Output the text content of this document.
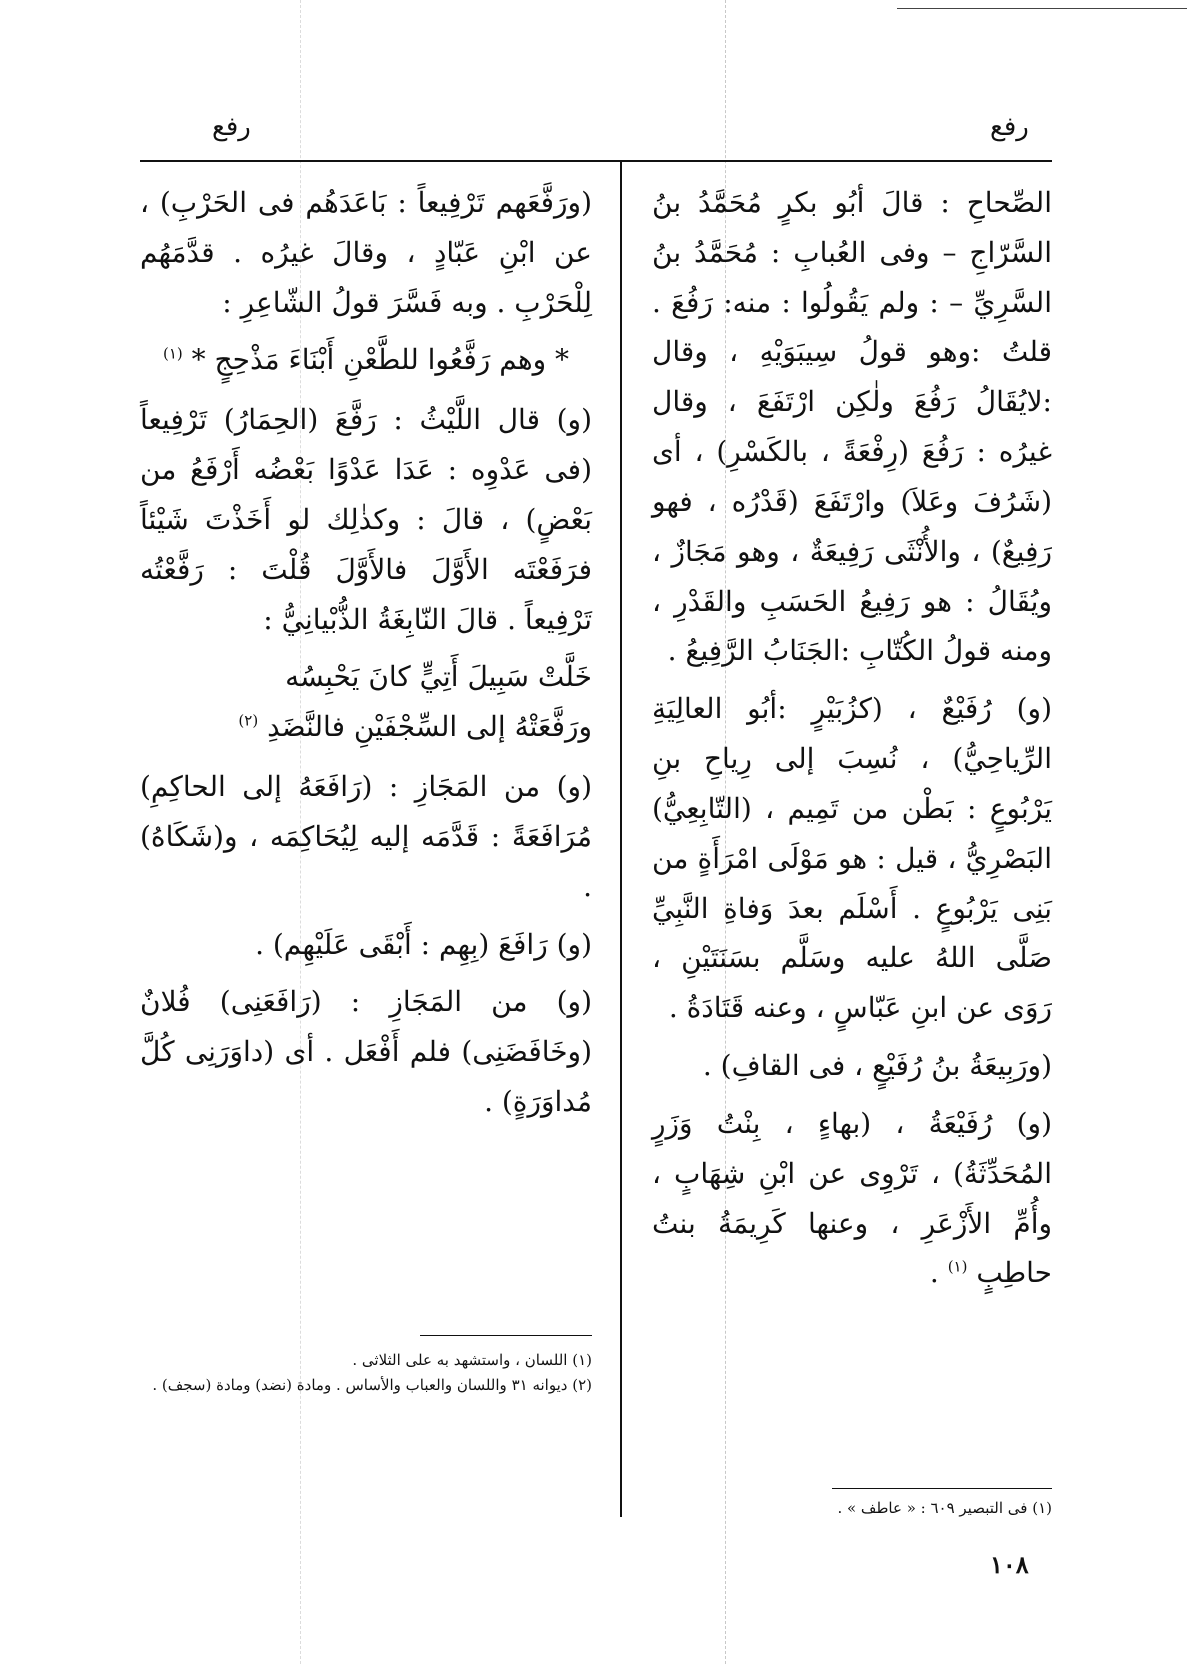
رفع
رفع

الصِّحاحِ : قالَ أبُو بكرٍ مُحَمَّدُ بنُ السَّرّاجِ – وفى العُبابِ : مُحَمَّدُ بنُ السَّرِيِّ – : ولم يَقُولُوا : منه: رَفُعَ . قلتُ :وهو قولُ سِيبَوَيْهِ ، وقال :لايُقَالُ رَفُعَ ولٰكِن ارْتَفَعَ ، وقال غيرُه : رَفُعَ (رِفْعَةً ، بالكَسْرِ) ، أى (شَرُفَ وعَلاَ) وارْتَفَعَ (قَدْرُه ، فهو رَفِيعٌ) ، والأُنْثَى رَفِيعَةٌ ، وهو مَجَازٌ ، ويُقَالُ : هو رَفِيعُ الحَسَبِ والقَدْرِ ، ومنه قولُ الكُتّابِ :الجَنَابُ الرَّفِيعُ .

(و) رُفَيْعٌ ، (كزُبَيْرٍ :أبُو العالِيَةِ الرِّياحِيُّ) ، نُسِبَ إلى رِياحِ بنِ يَرْبُوعٍ : بَطْن من تَمِيم ، (التّابِعِيُّ) البَصْرِيُّ ، قيل : هو مَوْلَى امْرَأَةٍ من بَنِى يَرْبُوعٍ . أَسْلَم بعدَ وَفاةِ النَّبِيِّ صَلَّى اللهُ عليه وسَلَّم بسَنَتَيْنِ ، رَوَى عن ابنِ عَبّاسٍ ، وعنه قَتَادَةُ .

(ورَبِيعَةُ بنُ رُفَيْعٍ ، فى القافِ) .

(و) رُفَيْعَةُ ، (بهاءٍ ، بِنْتُ وَزَرٍ المُحَدِّثَةُ) ، تَرْوِى عن ابْنِ شِهَابٍ ، وأُمِّ الأَزْعَرِ ، وعنها كَرِيمَةُ بنتُ حاطِبٍ $^{(١)}$ .

(ورَفَّعَهم تَرْفِيعاً : بَاعَدَهُم فى الحَرْبِ) ، عن ابْنِ عَبّادٍ ، وقالَ غيرُه . قدَّمَهُم لِلْحَرْبِ . وبه فَسَّرَ قولُ الشّاعِرِ :

* وهم رَفَّعُوا للطَّعْنِ أَبْنَاءَ مَذْحِجٍ * $^{(١)}$

(و) قال اللَّيْثُ : رَفَّعَ (الحِمَارُ) تَرْفِيعاً (فى عَدْوِه : عَدَا عَدْوًا بَعْضُه أَرْفَعُ من بَعْضٍ) ، قالَ : وكذٰلِك لو أَخَذْتَ شَيْئاً فرَفَعْتَه الأَوَّلَ فالأَوَّلَ قُلْتَ : رَفَّعْتُه تَرْفِيعاً . قالَ النّابِغَةُ الذُّبْيانِيُّ :

خَلَّتْ سَبِيلَ أَتِيٍّ كانَ يَحْبِسُه

ورَفَّعَتْهُ إلى السِّجْفَيْنِ فالنَّضَدِ $^{(٢)}$

(و) من المَجَازِ : (رَافَعَهُ إلى الحاكِمِ) مُرَافَعَةً : قَدَّمَه إليه لِيُحَاكِمَه ، و(شَكَاهُ) .

(و) رَافَعَ (بِهِم : أَبْقَى عَلَيْهِم) .

(و) من المَجَازِ : (رَافَعَنِى) فُلانٌ (وخَافَضَنِى) فلم أَفْعَل . أى (داوَرَنِى كُلَّ مُداوَرَةٍ) .

(١) اللسان ، واستشهد به على الثلاثى .

(٢) ديوانه ٣١ واللسان والعباب والأساس . ومادة (نضد) ومادة (سجف) .

(١) فى التبصير ٦٠٩ : « عاطف » .

١٠٨
